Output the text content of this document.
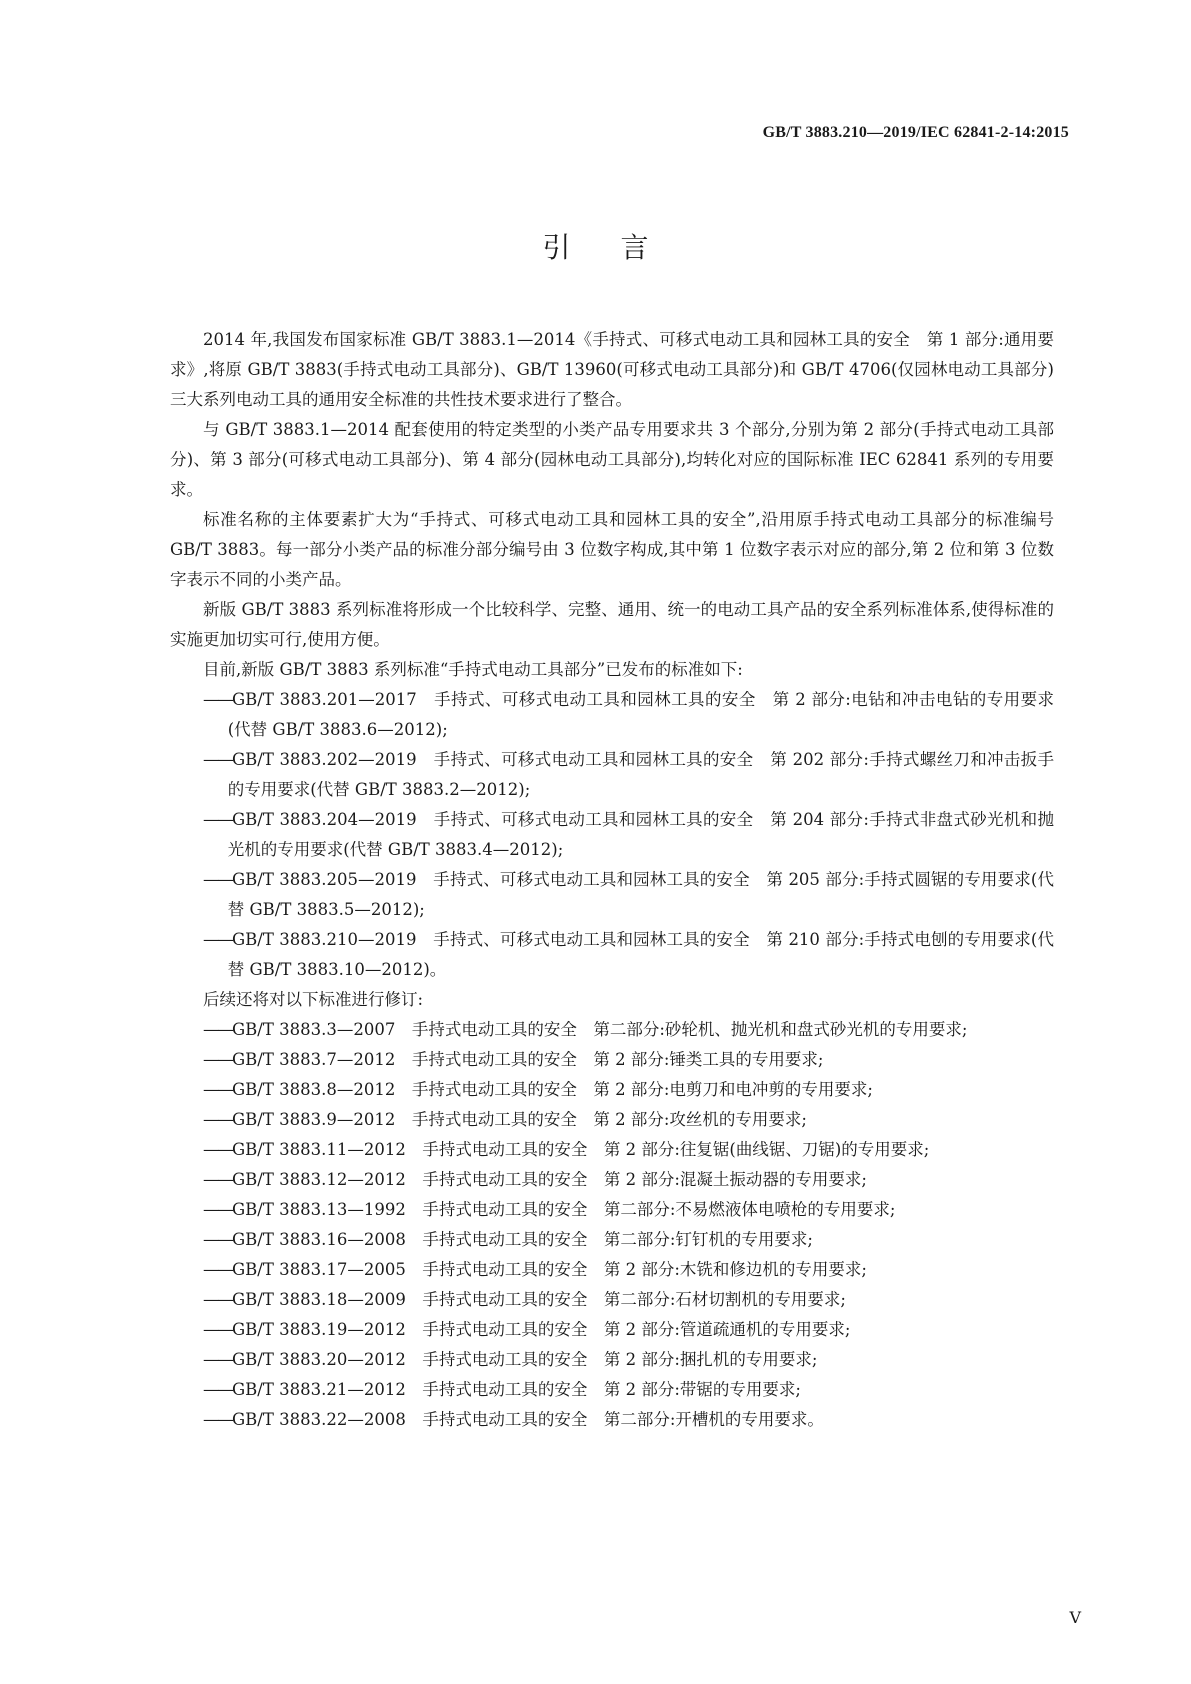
GB/T 3883.210—2019/IEC 62841-2-14:2015
引言

2014 年,我国发布国家标准 GB/T 3883.1—2014《手持式、可移式电动工具和园林工具的安全　第 1 部分:通用要求》,将原 GB/T 3883(手持式电动工具部分)、GB/T 13960(可移式电动工具部分)和 GB/T 4706(仅园林电动工具部分)三大系列电动工具的通用安全标准的共性技术要求进行了整合。

与 GB/T 3883.1—2014 配套使用的特定类型的小类产品专用要求共 3 个部分,分别为第 2 部分(手持式电动工具部分)、第 3 部分(可移式电动工具部分)、第 4 部分(园林电动工具部分),均转化对应的国际标准 IEC 62841 系列的专用要求。

标准名称的主体要素扩大为“手持式、可移式电动工具和园林工具的安全”,沿用原手持式电动工具部分的标准编号 GB/T 3883。每一部分小类产品的标准分部分编号由 3 位数字构成,其中第 1 位数字表示对应的部分,第 2 位和第 3 位数字表示不同的小类产品。

新版 GB/T 3883 系列标准将形成一个比较科学、完整、通用、统一的电动工具产品的安全系列标准体系,使得标准的实施更加切实可行,使用方便。

目前,新版 GB/T 3883 系列标准“手持式电动工具部分”已发布的标准如下:

——GB/T 3883.201—2017　手持式、可移式电动工具和园林工具的安全　第 2 部分:电钻和冲击电钻的专用要求(代替 GB/T 3883.6—2012);

——GB/T 3883.202—2019　手持式、可移式电动工具和园林工具的安全　第 202 部分:手持式螺丝刀和冲击扳手的专用要求(代替 GB/T 3883.2—2012);

——GB/T 3883.204—2019　手持式、可移式电动工具和园林工具的安全　第 204 部分:手持式非盘式砂光机和抛光机的专用要求(代替 GB/T 3883.4—2012);

——GB/T 3883.205—2019　手持式、可移式电动工具和园林工具的安全　第 205 部分:手持式圆锯的专用要求(代替 GB/T 3883.5—2012);

——GB/T 3883.210—2019　手持式、可移式电动工具和园林工具的安全　第 210 部分:手持式电刨的专用要求(代替 GB/T 3883.10—2012)。

后续还将对以下标准进行修订:

——GB/T 3883.3—2007　手持式电动工具的安全　第二部分:砂轮机、抛光机和盘式砂光机的专用要求;

——GB/T 3883.7—2012　手持式电动工具的安全　第 2 部分:锤类工具的专用要求;

——GB/T 3883.8—2012　手持式电动工具的安全　第 2 部分:电剪刀和电冲剪的专用要求;

——GB/T 3883.9—2012　手持式电动工具的安全　第 2 部分:攻丝机的专用要求;

——GB/T 3883.11—2012　手持式电动工具的安全　第 2 部分:往复锯(曲线锯、刀锯)的专用要求;

——GB/T 3883.12—2012　手持式电动工具的安全　第 2 部分:混凝土振动器的专用要求;

——GB/T 3883.13—1992　手持式电动工具的安全　第二部分:不易燃液体电喷枪的专用要求;

——GB/T 3883.16—2008　手持式电动工具的安全　第二部分:钉钉机的专用要求;

——GB/T 3883.17—2005　手持式电动工具的安全　第 2 部分:木铣和修边机的专用要求;

——GB/T 3883.18—2009　手持式电动工具的安全　第二部分:石材切割机的专用要求;

——GB/T 3883.19—2012　手持式电动工具的安全　第 2 部分:管道疏通机的专用要求;

——GB/T 3883.20—2012　手持式电动工具的安全　第 2 部分:捆扎机的专用要求;

——GB/T 3883.21—2012　手持式电动工具的安全　第 2 部分:带锯的专用要求;

——GB/T 3883.22—2008　手持式电动工具的安全　第二部分:开槽机的专用要求。

V
